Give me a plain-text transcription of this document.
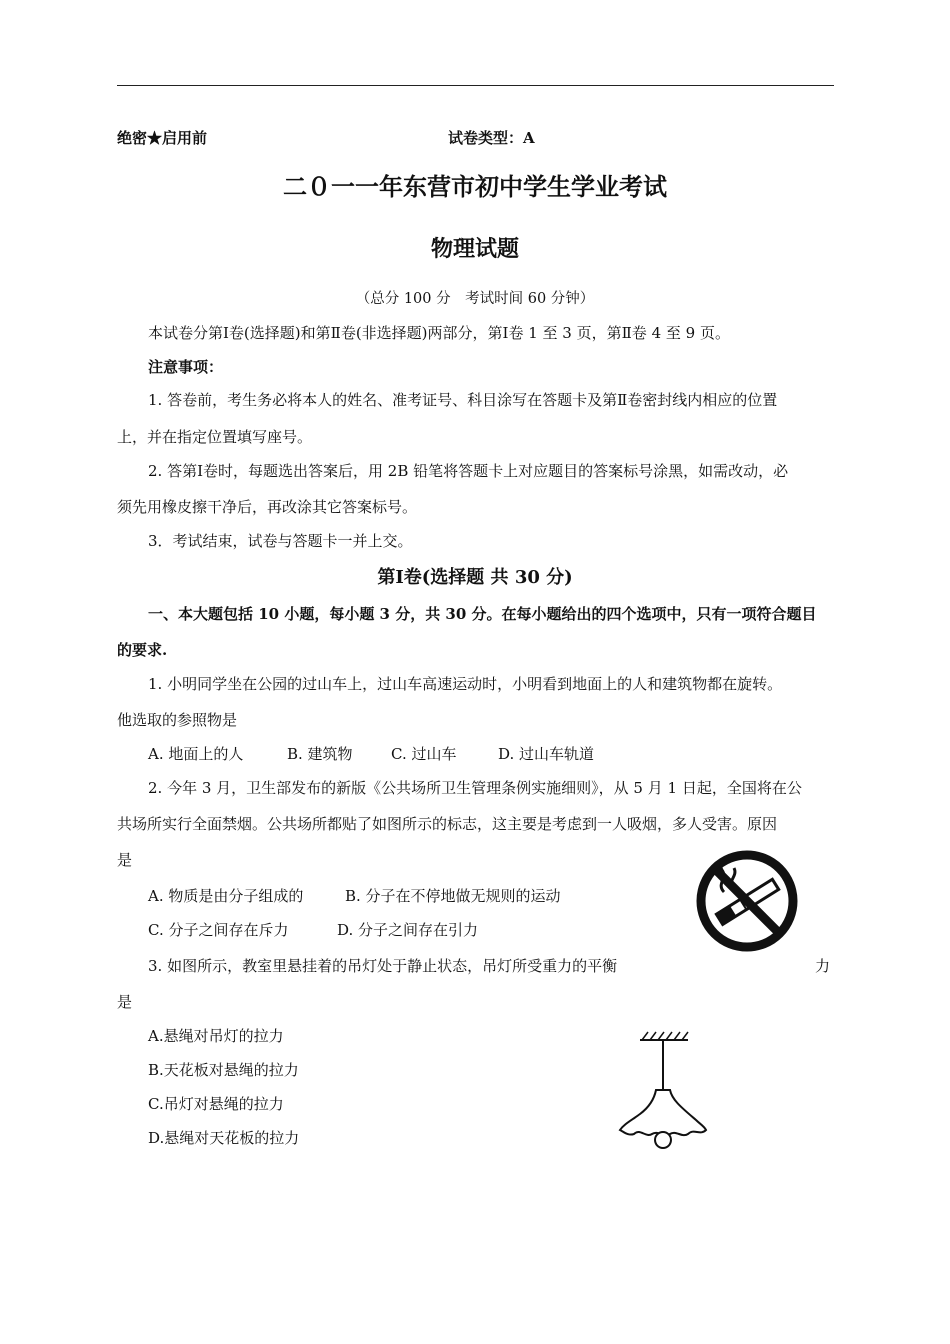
绝密★启用前	试卷类型：A
二０一一年东营市初中学生学业考试
物理试题
（总分 100 分　考试时间 60 分钟）
本试卷分第Ⅰ卷(选择题)和第Ⅱ卷(非选择题)两部分，第Ⅰ卷 1 至 3 页，第Ⅱ卷 4 至 9 页。
注意事项：
1. 答卷前，考生务必将本人的姓名、准考证号、科目涂写在答题卡及第Ⅱ卷密封线内相应的位置
上，并在指定位置填写座号。
2. 答第Ⅰ卷时，每题选出答案后，用 2B 铅笔将答题卡上对应题目的答案标号涂黑，如需改动，必
须先用橡皮擦干净后，再改涂其它答案标号。
3．考试结束，试卷与答题卡一并上交。
第Ⅰ卷(选择题 共 30 分)
一、本大题包括 10 小题，每小题 3 分，共 30 分。在每小题给出的四个选项中，只有一项符合题目
的要求.
1. 小明同学坐在公园的过山车上，过山车高速运动时，小明看到地面上的人和建筑物都在旋转。
他选取的参照物是
A. 地面上的人	B. 建筑物	C. 过山车	D. 过山车轨道
2. 今年 3 月，卫生部发布的新版《公共场所卫生管理条例实施细则》，从 5 月 1 日起，全国将在公
共场所实行全面禁烟。公共场所都贴了如图所示的标志，这主要是考虑到一人吸烟，多人受害。原因
是
A. 物质是由分子组成的	B. 分子在不停地做无规则的运动
C. 分子之间存在斥力	D. 分子之间存在引力
3. 如图所示，教室里悬挂着的吊灯处于静止状态，吊灯所受重力的平衡	力
是
A.悬绳对吊灯的拉力
B.天花板对悬绳的拉力
C.吊灯对悬绳的拉力
D.悬绳对天花板的拉力
